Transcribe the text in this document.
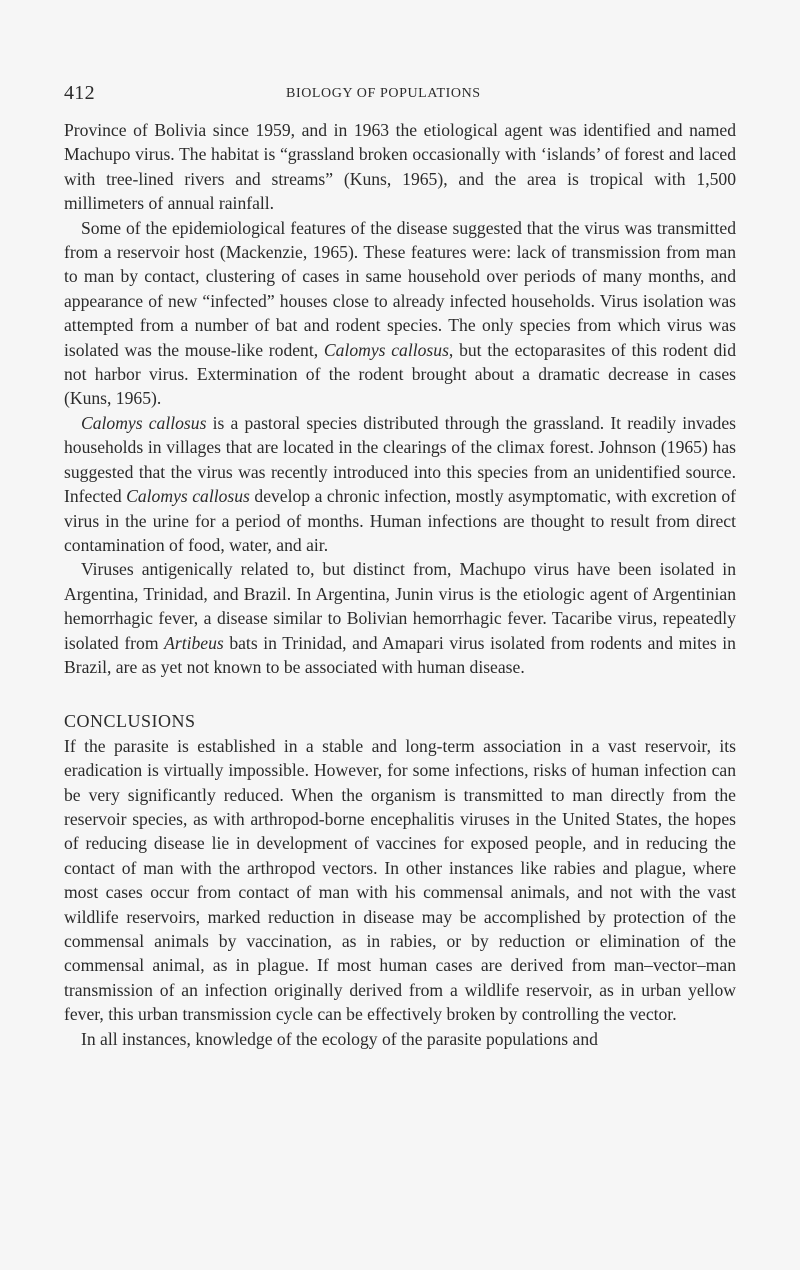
412	BIOLOGY OF POPULATIONS

Province of Bolivia since 1959, and in 1963 the etiological agent was identified and named Machupo virus. The habitat is “grassland broken occasionally with ‘islands’ of forest and laced with tree-lined rivers and streams” (Kuns, 1965), and the area is tropical with 1,500 millimeters of annual rainfall.

Some of the epidemiological features of the disease suggested that the virus was transmitted from a reservoir host (Mackenzie, 1965). These features were: lack of transmission from man to man by contact, clustering of cases in same household over periods of many months, and appearance of new “infected” houses close to already infected households. Virus isolation was attempted from a number of bat and rodent species. The only species from which virus was isolated was the mouse-like rodent, Calomys callosus, but the ectoparasites of this rodent did not harbor virus. Extermination of the rodent brought about a dramatic decrease in cases (Kuns, 1965).

Calomys callosus is a pastoral species distributed through the grassland. It readily invades households in villages that are located in the clearings of the climax forest. Johnson (1965) has suggested that the virus was recently introduced into this species from an unidentified source. Infected Calomys callosus develop a chronic infection, mostly asymptomatic, with excretion of virus in the urine for a period of months. Human infections are thought to result from direct contamination of food, water, and air.

Viruses antigenically related to, but distinct from, Machupo virus have been isolated in Argentina, Trinidad, and Brazil. In Argentina, Junin virus is the etiologic agent of Argentinian hemorrhagic fever, a disease similar to Bolivian hemorrhagic fever. Tacaribe virus, repeatedly isolated from Artibeus bats in Trinidad, and Amapari virus isolated from rodents and mites in Brazil, are as yet not known to be associated with human disease.

CONCLUSIONS

If the parasite is established in a stable and long-term association in a vast reservoir, its eradication is virtually impossible. However, for some infections, risks of human infection can be very significantly reduced. When the organism is transmitted to man directly from the reservoir species, as with arthropod-borne encephalitis viruses in the United States, the hopes of reducing disease lie in development of vaccines for exposed people, and in reducing the contact of man with the arthropod vectors. In other instances like rabies and plague, where most cases occur from contact of man with his commensal animals, and not with the vast wildlife reservoirs, marked reduction in disease may be accomplished by protection of the commensal animals by vaccination, as in rabies, or by reduction or elimination of the commensal animal, as in plague. If most human cases are derived from man–vector–man transmission of an infection originally derived from a wildlife reservoir, as in urban yellow fever, this urban transmission cycle can be effectively broken by controlling the vector.

In all instances, knowledge of the ecology of the parasite populations and
